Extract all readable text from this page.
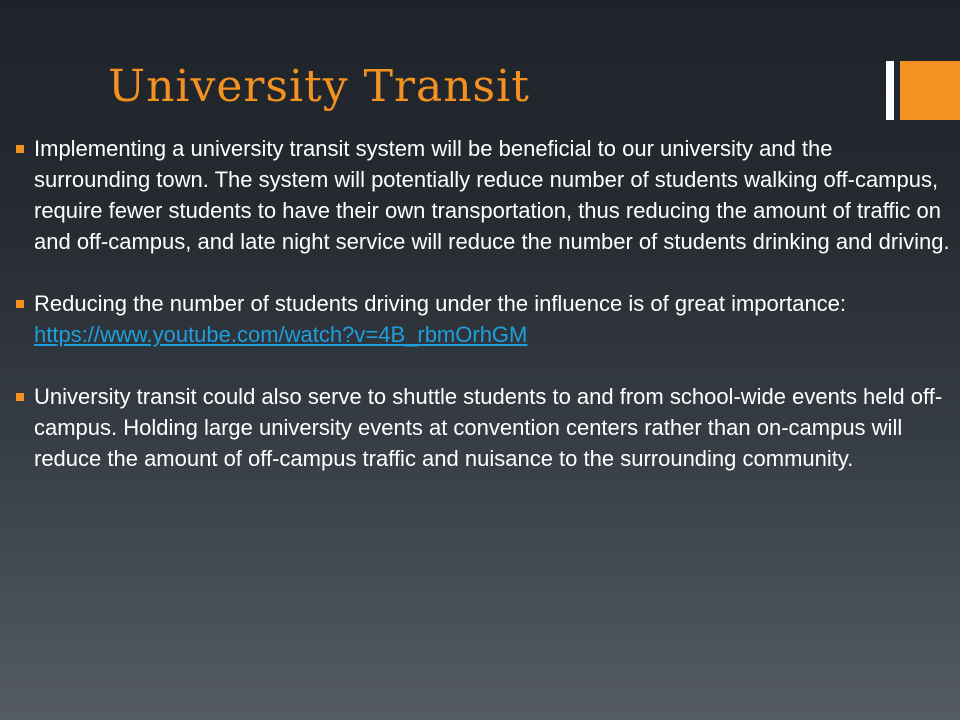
University Transit

Implementing a university transit system will be beneficial to our university and the surrounding town. The system will potentially reduce number of students walking off-campus, require fewer students to have their own transportation, thus reducing the amount of traffic on and off-campus, and late night service will reduce the number of students drinking and driving.

Reducing the number of students driving under the influence is of great importance: https://www.youtube.com/watch?v=4B_rbmOrhGM

University transit could also serve to shuttle students to and from school-wide events held off-campus. Holding large university events at convention centers rather than on-campus will reduce the amount of off-campus traffic and nuisance to the surrounding community.
